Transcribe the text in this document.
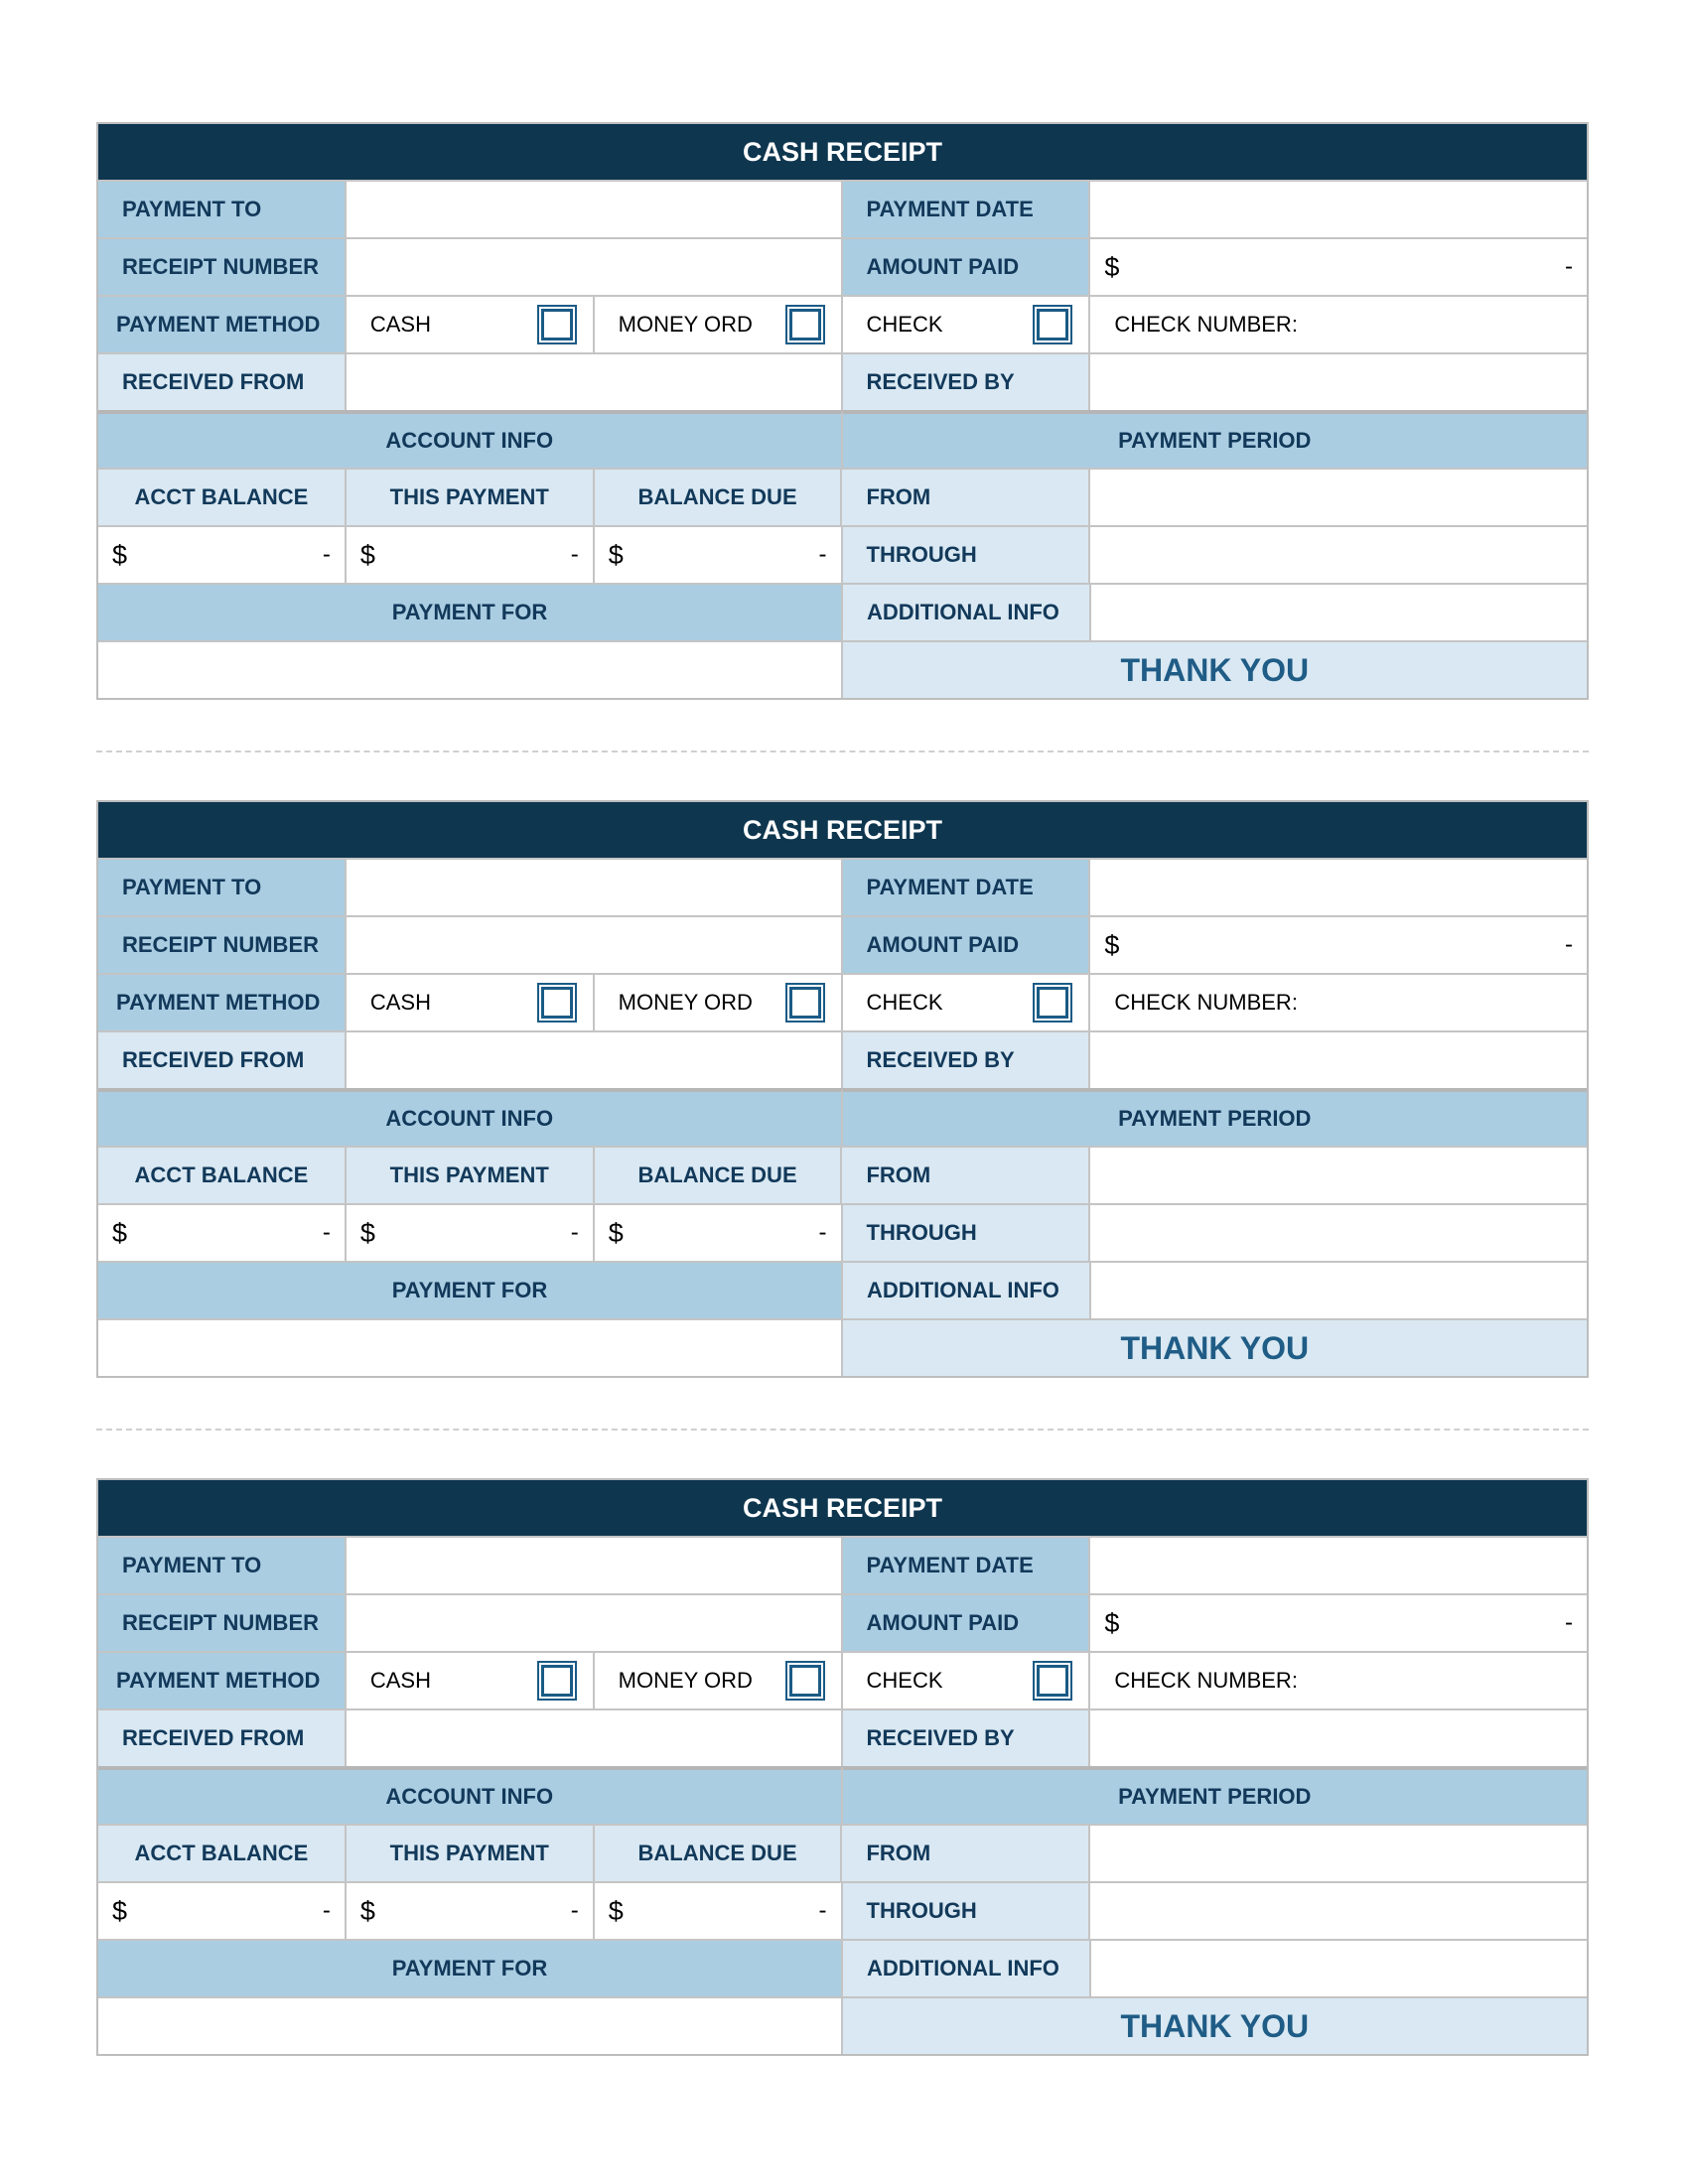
CASH RECEIPT
PAYMENT TO	PAYMENT DATE
RECEIPT NUMBER	AMOUNT PAID	$	-
PAYMENT METHOD	CASH	MONEY ORD	CHECK	CHECK NUMBER:
RECEIVED FROM	RECEIVED BY
ACCOUNT INFO	PAYMENT PERIOD
ACCT BALANCE	THIS PAYMENT	BALANCE DUE	FROM
$	- $	- $	-	THROUGH
PAYMENT FOR	ADDITIONAL INFO
THANK YOU
CASH RECEIPT
PAYMENT TO	PAYMENT DATE
RECEIPT NUMBER	AMOUNT PAID	$	-
PAYMENT METHOD	CASH	MONEY ORD	CHECK	CHECK NUMBER:
RECEIVED FROM	RECEIVED BY
ACCOUNT INFO	PAYMENT PERIOD
ACCT BALANCE	THIS PAYMENT	BALANCE DUE	FROM
$	- $	- $	-	THROUGH
PAYMENT FOR	ADDITIONAL INFO
THANK YOU
CASH RECEIPT
PAYMENT TO	PAYMENT DATE
RECEIPT NUMBER	AMOUNT PAID	$	-
PAYMENT METHOD	CASH	MONEY ORD	CHECK	CHECK NUMBER:
RECEIVED FROM	RECEIVED BY
ACCOUNT INFO	PAYMENT PERIOD
ACCT BALANCE	THIS PAYMENT	BALANCE DUE	FROM
$	- $	- $	-	THROUGH
PAYMENT FOR	ADDITIONAL INFO
THANK YOU
